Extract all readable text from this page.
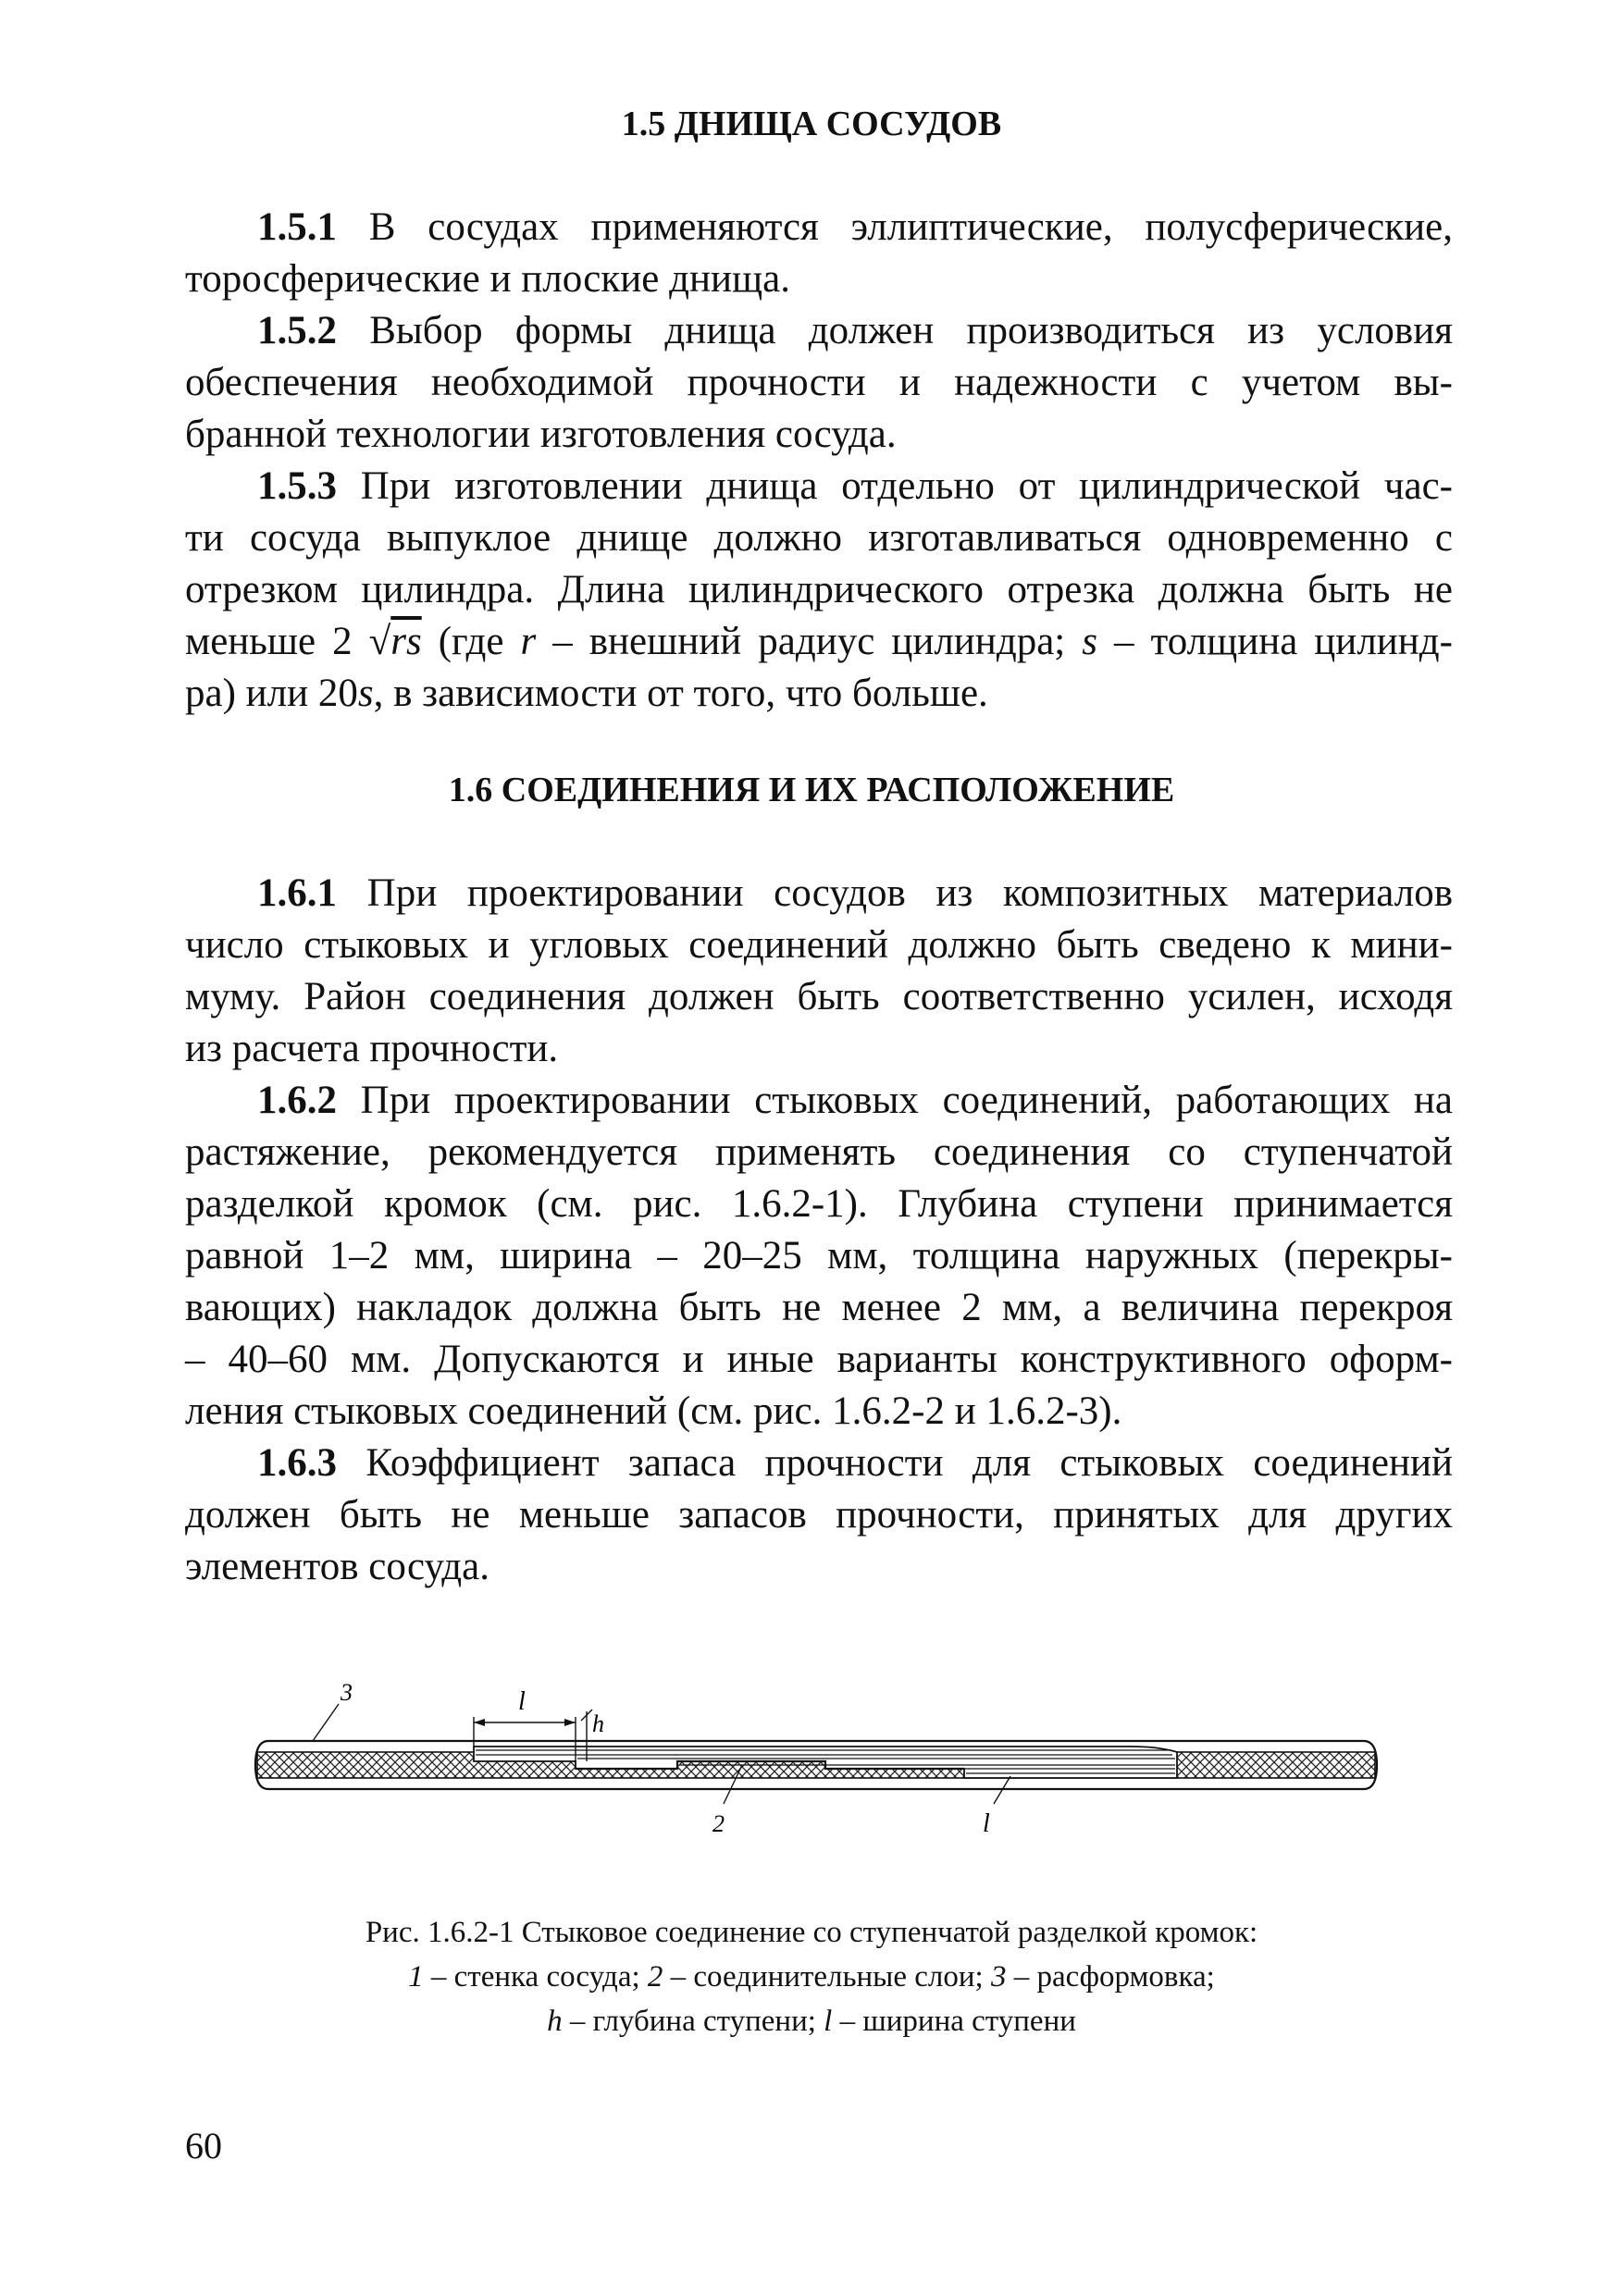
1.5 ДНИЩА СОСУДОВ

1.5.1 В сосудах применяются эллиптические, полусферические,
торосферические и плоские днища.

1.5.2 Выбор формы днища должен производиться из условия
обеспечения необходимой прочности и надежности с учетом вы-
бранной технологии изготовления сосуда.

1.5.3 При изготовлении днища отдельно от цилиндрической час-
ти сосуда выпуклое днище должно изготавливаться одновременно с
отрезком цилиндра. Длина цилиндрического отрезка должна быть не
меньше 2 √rs (где r – внешний радиус цилиндра; s – толщина цилинд-
ра) или 20s, в зависимости от того, что больше.

1.6 СОЕДИНЕНИЯ И ИХ РАСПОЛОЖЕНИЕ

1.6.1 При проектировании сосудов из композитных материалов
число стыковых и угловых соединений должно быть сведено к мини-
муму. Район соединения должен быть соответственно усилен, исходя
из расчета прочности.

1.6.2 При проектировании стыковых соединений, работающих на
растяжение, рекомендуется применять соединения со ступенчатой
разделкой кромок (см. рис. 1.6.2-1). Глубина ступени принимается
равной 1–2 мм, ширина – 20–25 мм, толщина наружных (перекры-
вающих) накладок должна быть не менее 2 мм, а величина перекроя
– 40–60 мм. Допускаются и иные варианты конструктивного оформ-
ления стыковых соединений (см. рис. 1.6.2-2 и 1.6.2-3).

1.6.3 Коэффициент запаса прочности для стыковых соединений
должен быть не меньше запасов прочности, принятых для других
элементов сосуда.

3	l
h
2	l

Рис. 1.6.2-1 Стыковое соединение со ступенчатой разделкой кромок:

1 – стенка сосуда; 2 – соединительные слои; 3 – расформовка;

h – глубина ступени; l – ширина ступени

60
